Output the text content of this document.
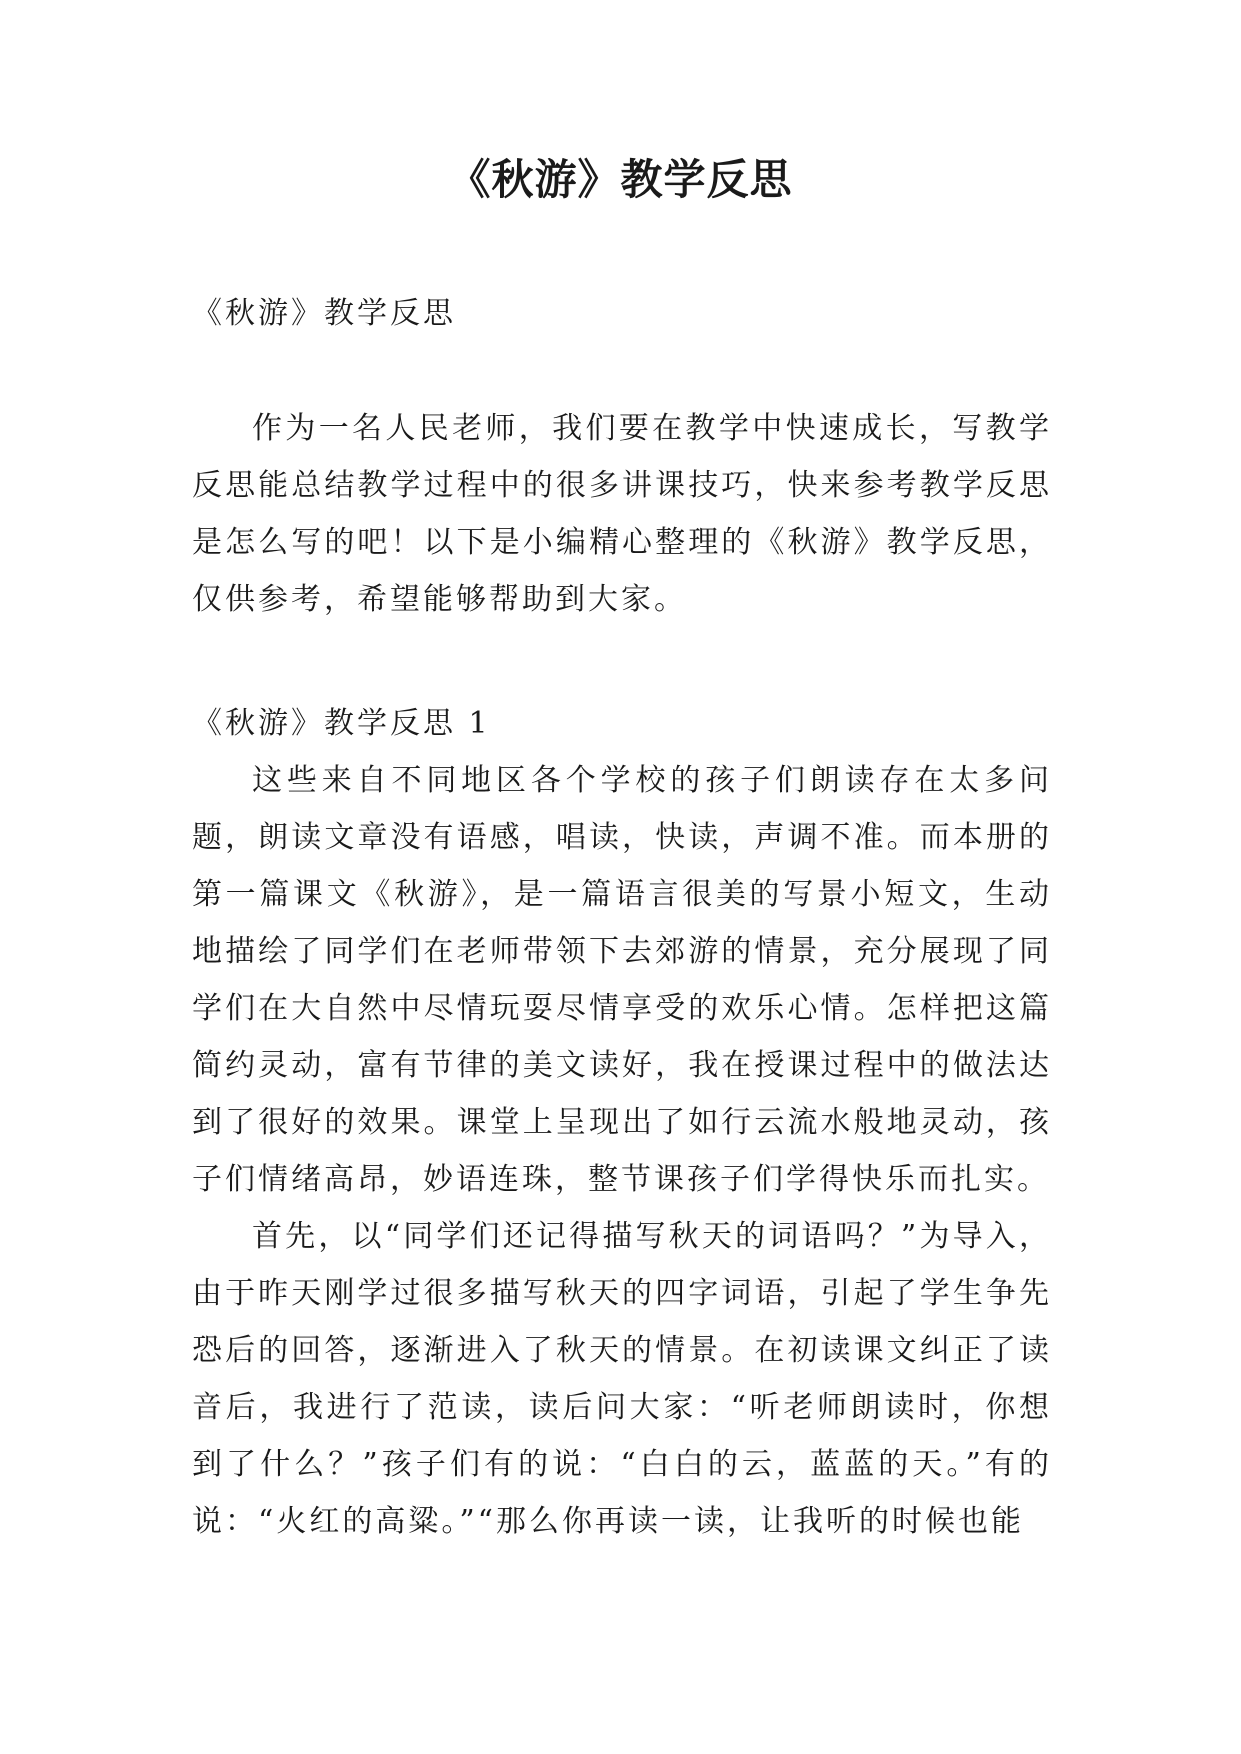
《秋游》教学反思
《秋游》教学反思

作为一名人民老师，我们要在教学中快速成长，写教学反思能总结教学过程中的很多讲课技巧，快来参考教学反思是怎么写的吧！以下是小编精心整理的《秋游》教学反思，仅供参考，希望能够帮助到大家。

《秋游》教学反思 1

这些来自不同地区各个学校的孩子们朗读存在太多问题，朗读文章没有语感，唱读，快读，声调不准。而本册的第一篇课文《秋游》，是一篇语言很美的写景小短文，生动地描绘了同学们在老师带领下去郊游的情景，充分展现了同学们在大自然中尽情玩耍尽情享受的欢乐心情。怎样把这篇简约灵动，富有节律的美文读好，我在授课过程中的做法达到了很好的效果。课堂上呈现出了如行云流水般地灵动，孩子们情绪高昂，妙语连珠，整节课孩子们学得快乐而扎实。

首先，以“同学们还记得描写秋天的词语吗？”为导入，由于昨天刚学过很多描写秋天的四字词语，引起了学生争先恐后的回答，逐渐进入了秋天的情景。在初读课文纠正了读音后，我进行了范读，读后问大家：“听老师朗读时，你想到了什么？”孩子们有的说：“白白的云，蓝蓝的天。”有的说：“火红的高粱。”“那么你再读一读，让我听的时候也能
